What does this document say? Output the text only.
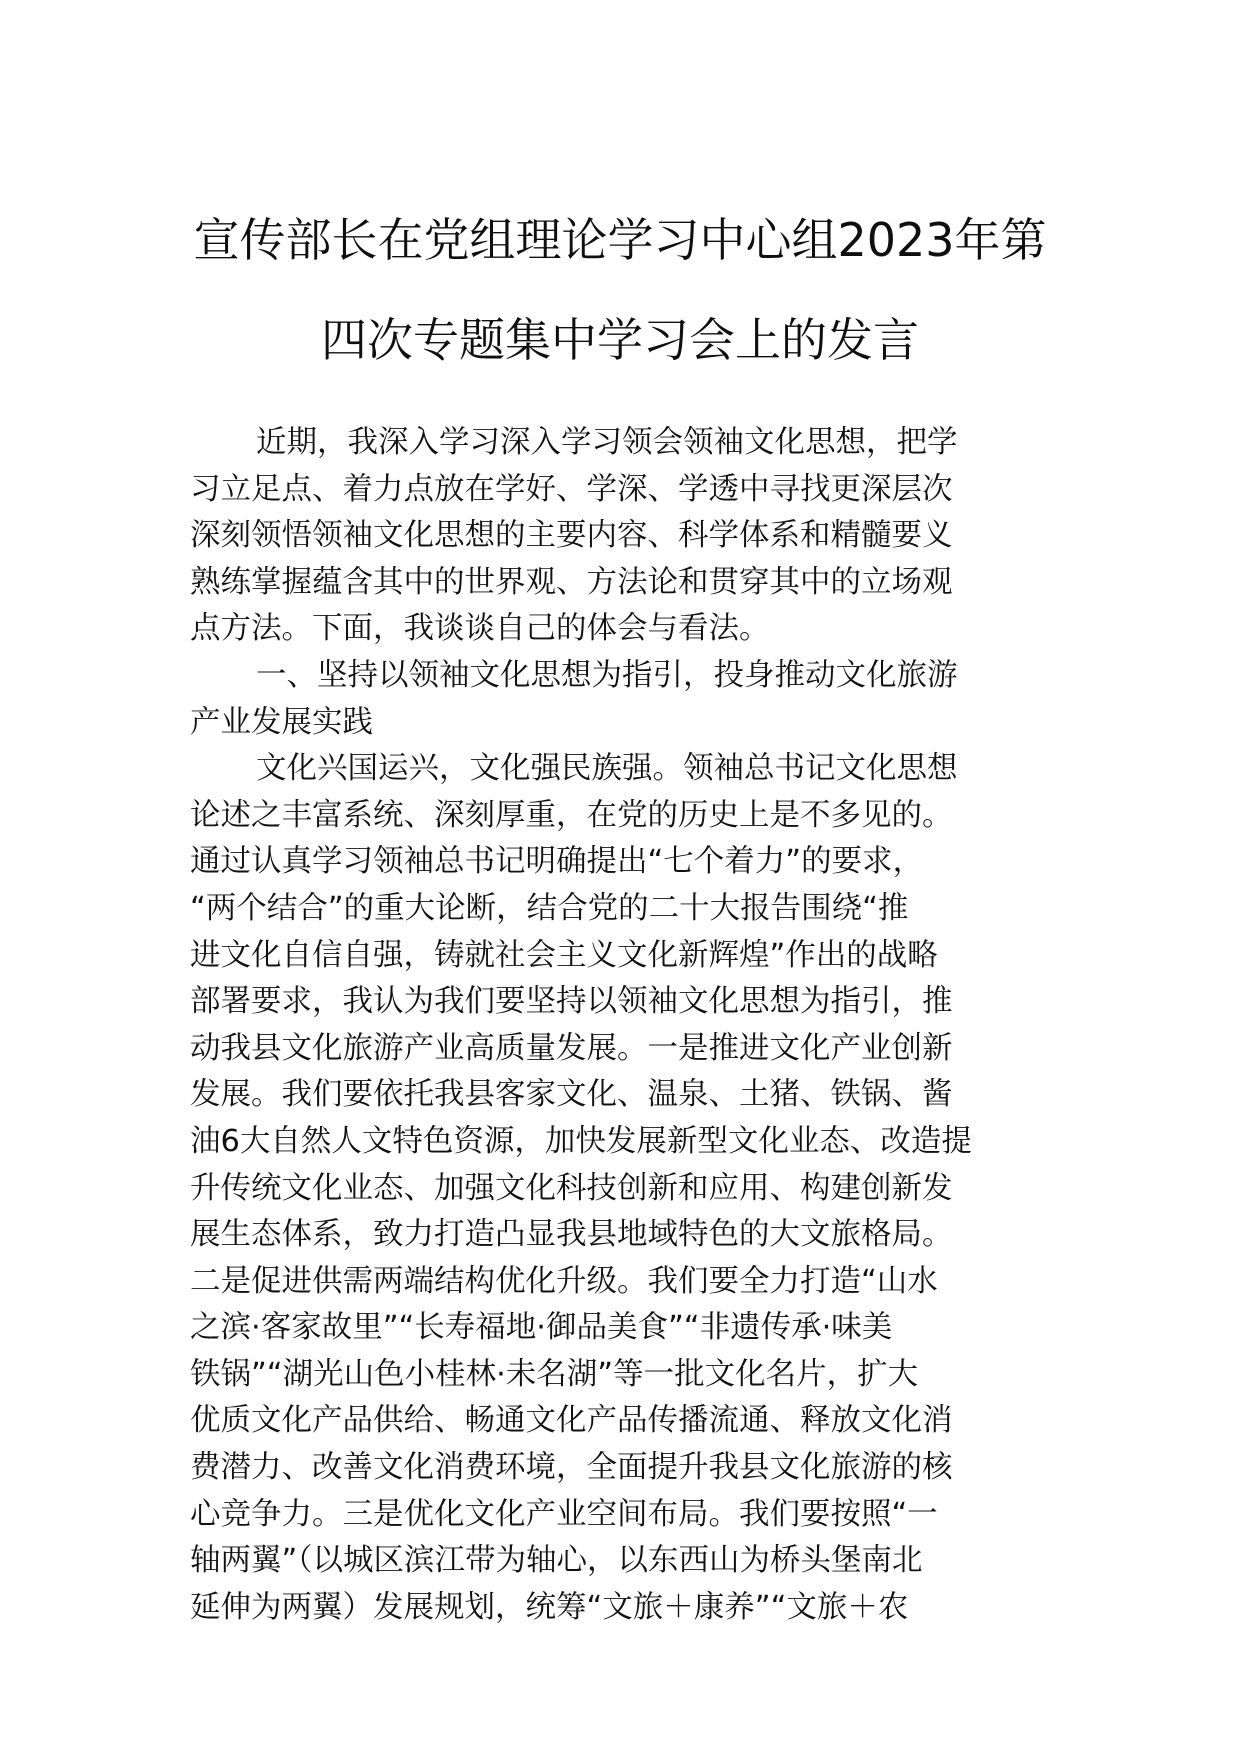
宣传部长在党组理论学习中心组2023年第
四次专题集中学习会上的发言
近期，我深入学习深入学习领会领袖文化思想，把学
习立足点、着力点放在学好、学深、学透中寻找更深层次
深刻领悟领袖文化思想的主要内容、科学体系和精髓要义
熟练掌握蕴含其中的世界观、方法论和贯穿其中的立场观
点方法。下面，我谈谈自己的体会与看法。
一、坚持以领袖文化思想为指引，投身推动文化旅游
产业发展实践
文化兴国运兴，文化强民族强。领袖总书记文化思想
论述之丰富系统、深刻厚重，在党的历史上是不多见的。
通过认真学习领袖总书记明确提出“七个着力”的要求，
“两个结合”的重大论断，结合党的二十大报告围绕“推
进文化自信自强，铸就社会主义文化新辉煌”作出的战略
部署要求，我认为我们要坚持以领袖文化思想为指引，推
动我县文化旅游产业高质量发展。一是推进文化产业创新
发展。我们要依托我县客家文化、温泉、土猪、铁锅、酱
油6大自然人文特色资源，加快发展新型文化业态、改造提
升传统文化业态、加强文化科技创新和应用、构建创新发
展生态体系，致力打造凸显我县地域特色的大文旅格局。
二是促进供需两端结构优化升级。我们要全力打造“山水
之滨·客家故里”“长寿福地·御品美食”“非遗传承·味美
铁锅”“湖光山色小桂林·未名湖”等一批文化名片，扩大
优质文化产品供给、畅通文化产品传播流通、释放文化消
费潜力、改善文化消费环境，全面提升我县文化旅游的核
心竞争力。三是优化文化产业空间布局。我们要按照“一
轴两翼”（以城区滨江带为轴心，以东西山为桥头堡南北
延伸为两翼）发展规划，统筹“文旅＋康养”“文旅＋农
